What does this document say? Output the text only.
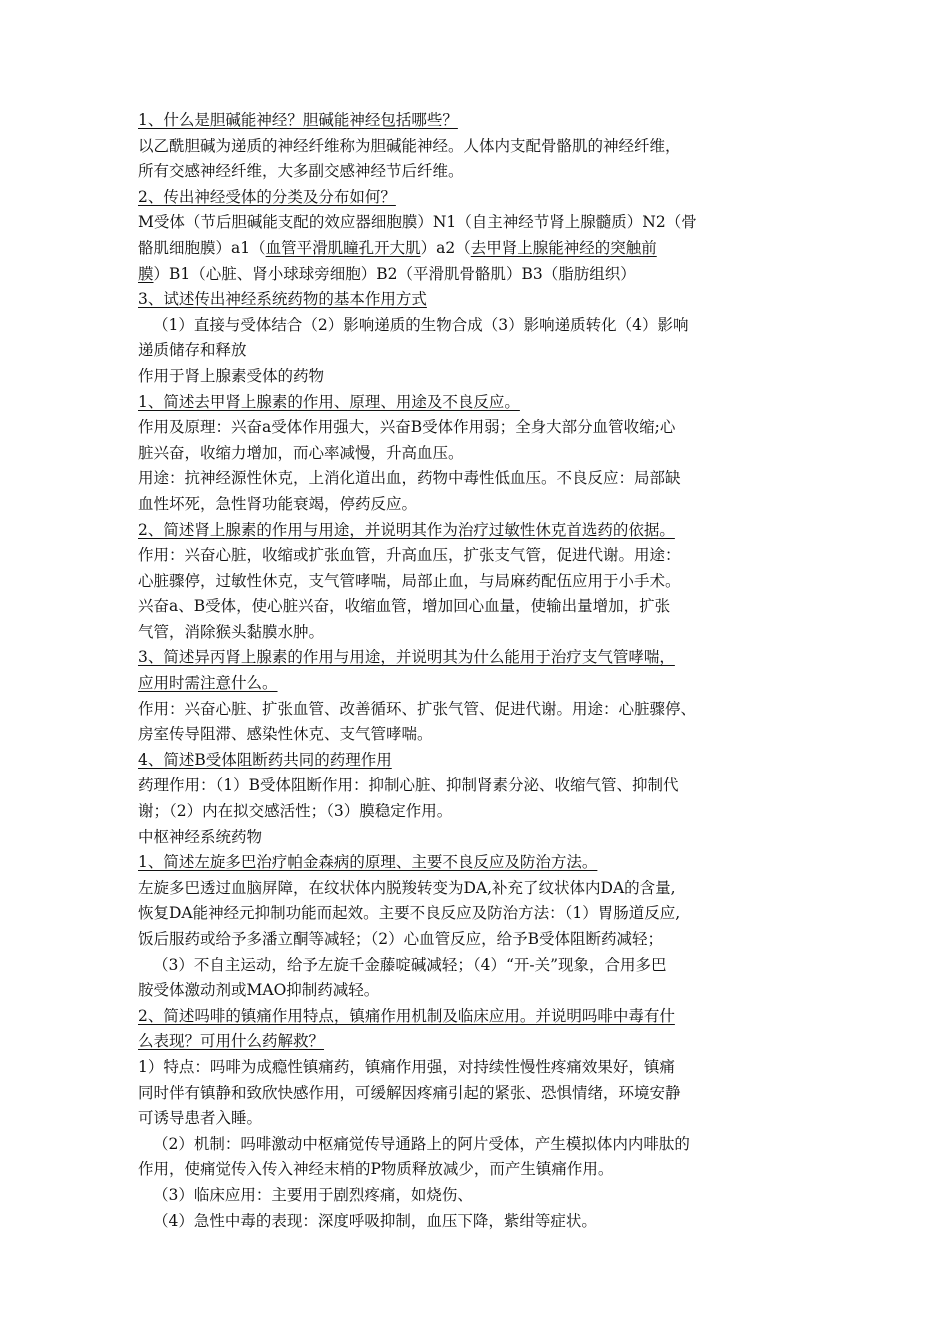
1、什么是胆碱能神经？胆碱能神经包括哪些？
以乙酰胆碱为递质的神经纤维称为胆碱能神经。人体内支配骨骼肌的神经纤维，
所有交感神经纤维，大多副交感神经节后纤维。
2、传出神经受体的分类及分布如何？
M受体（节后胆碱能支配的效应器细胞膜）N1（自主神经节肾上腺髓质）N2（骨
骼肌细胞膜）a1（血管平滑肌瞳孔开大肌）a2（去甲肾上腺能神经的突触前
膜）B1（心脏、肾小球球旁细胞）B2（平滑肌骨骼肌）B3（脂肪组织）
3、试述传出神经系统药物的基本作用方式
（1）直接与受体结合（2）影响递质的生物合成（3）影响递质转化（4）影响
递质储存和释放
作用于肾上腺素受体的药物
1、简述去甲肾上腺素的作用、原理、用途及不良反应。
作用及原理：兴奋a受体作用强大，兴奋B受体作用弱；全身大部分血管收缩;心
脏兴奋，收缩力增加，而心率减慢，升高血压。
用途：抗神经源性休克，上消化道出血，药物中毒性低血压。不良反应：局部缺
血性坏死，急性肾功能衰竭，停药反应。
2、简述肾上腺素的作用与用途，并说明其作为治疗过敏性休克首选药的依据。
作用：兴奋心脏，收缩或扩张血管，升高血压，扩张支气管，促进代谢。用途：
心脏骤停，过敏性休克，支气管哮喘，局部止血，与局麻药配伍应用于小手术。
兴奋a、B受体，使心脏兴奋，收缩血管，增加回心血量，使输出量增加，扩张
气管，消除猴头黏膜水肿。
3、简述异丙肾上腺素的作用与用途，并说明其为什么能用于治疗支气管哮喘，
应用时需注意什么。
作用：兴奋心脏、扩张血管、改善循环、扩张气管、促进代谢。用途：心脏骤停、
房室传导阻滞、感染性休克、支气管哮喘。
4、简述B受体阻断药共同的药理作用
药理作用：（1）B受体阻断作用：抑制心脏、抑制肾素分泌、收缩气管、抑制代
谢；（2）内在拟交感活性；（3）膜稳定作用。
中枢神经系统药物
1、简述左旋多巴治疗帕金森病的原理、主要不良反应及防治方法。
左旋多巴透过血脑屏障，在纹状体内脱羧转变为DA,补充了纹状体内DA的含量,
恢复DA能神经元抑制功能而起效。主要不良反应及防治方法：（1）胃肠道反应,
饭后服药或给予多潘立酮等减轻；（2）心血管反应，给予B受体阻断药减轻；
（3）不自主运动，给予左旋千金藤啶碱减轻；（4）“开-关”现象，合用多巴
胺受体激动剂或MAO抑制药减轻。
2、简述吗啡的镇痛作用特点，镇痛作用机制及临床应用。并说明吗啡中毒有什
么表现？可用什么药解救？
1）特点：吗啡为成瘾性镇痛药，镇痛作用强，对持续性慢性疼痛效果好，镇痛
同时伴有镇静和致欣快感作用，可缓解因疼痛引起的紧张、恐惧情绪，环境安静
可诱导患者入睡。
（2）机制：吗啡激动中枢痛觉传导通路上的阿片受体，产生模拟体内内啡肽的
作用，使痛觉传入传入神经末梢的P物质释放减少，而产生镇痛作用。
（3）临床应用：主要用于剧烈疼痛，如烧伤、
（4）急性中毒的表现：深度呼吸抑制，血压下降，紫绀等症状。
